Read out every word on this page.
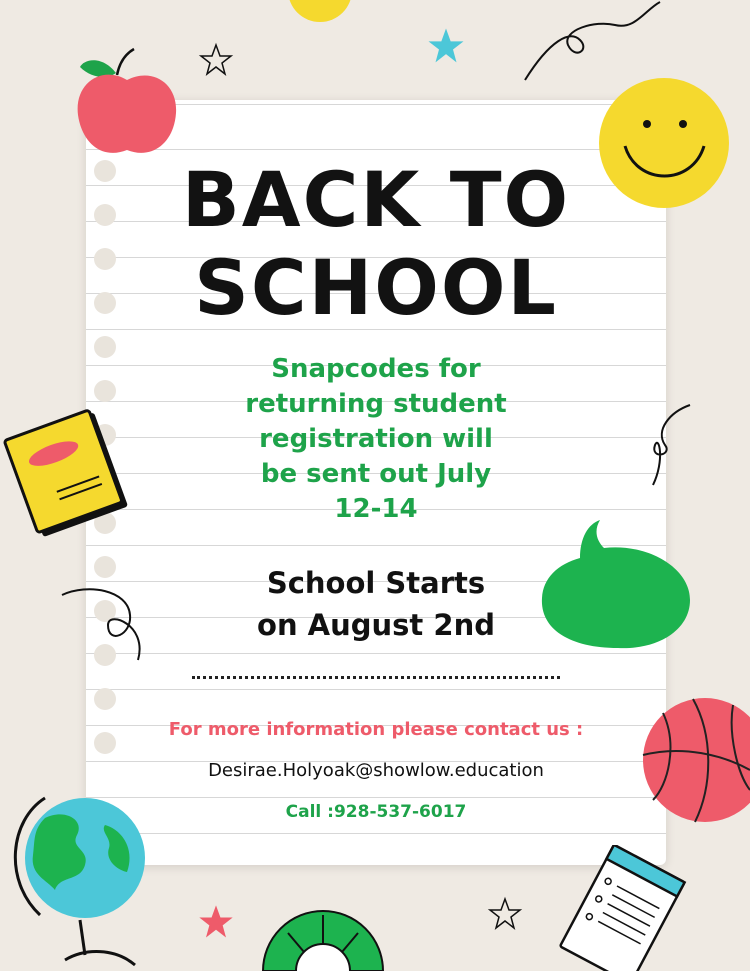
BACK TO
SCHOOL
Snapcodes for
returning student
registration will
be sent out July
12-14
School Starts
on August 2nd
For more information please contact us :
Desirae.Holyoak@showlow.education
Call :928-537-6017
